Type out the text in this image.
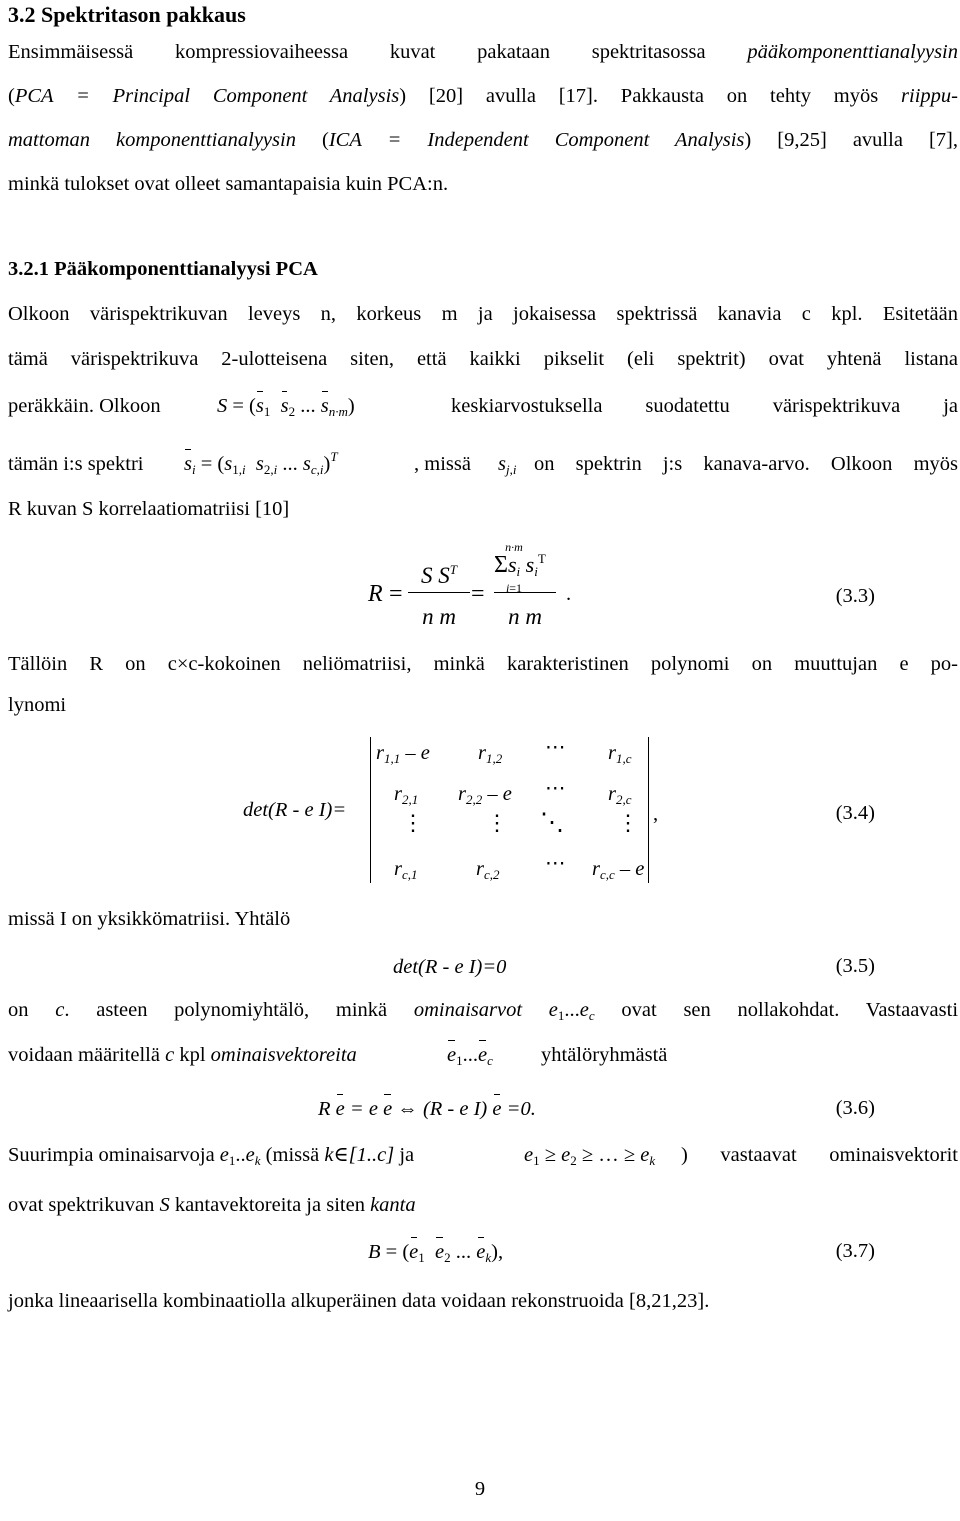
3.2 Spektritason pakkaus
Ensimmäisessä kompressiovaiheessa kuvat pakataan spektritasossa pääkomponenttianalyysin
(PCA = Principal Component Analysis) [20] avulla [17]. Pakkausta on tehty myös riippu-
mattoman komponenttianalyysin (ICA = Independent Component Analysis) [9,25] avulla [7],
minkä tulokset ovat olleet samantapaisia kuin PCA:n.
3.2.1 Pääkomponenttianalyysi PCA
Olkoon värispektrikuvan leveys n, korkeus m ja jokaisessa spektrissä kanavia c kpl. Esitetään
tämä värispektrikuva 2-ulotteisena siten, että kaikki pikselit (eli spektrit) ovat yhtenä listana
peräkkäin. Olkoon	$S = (s_1$ $s_2$ ... $s_{n\cdot m}$)	keskiarvostuksella suodatettu värispektrikuva ja
tämän i:s spektri $s_i = (s_{1,i}$ $s_{2,i}$ ... $s_{c,i})^T$	, missä $s_{j,i}$ on spektrin j:s kanava-arvo. Olkoon myös
R kuvan S korrelaatiomatriisi [10]
R =
S $S^T$
n m
=
n·m
$\Sigma s_i$ $s_i^T$
i=1
n m
.	(3.3)
Tällöin R on c×c-kokoinen neliömatriisi, minkä karakteristinen polynomi on muuttujan e po-
lynomi
det(R - e I)=
$r_{1,1}$ – e $r_{1,2}$ ⋯ $r_{1,c}$
$r_{2,1}$ $r_{2,2}$ – e ⋯ $r_{2,c}$
⋮	⋮ ⋱ ⋮
$r_{c,1}$	$r_{c,2}$ ⋯ $r_{c,c}$ – e
,	(3.4)
missä I on yksikkömatriisi. Yhtälö
det(R - e I)=0	(3.5)
on c. asteen polynomiyhtälö, minkä ominaisarvot $e_1...e_c$ ovat sen nollakohdat. Vastaavasti
voidaan määritellä c kpl ominaisvektoreita	$e_1...e_c$ yhtälöryhmästä
R e = e e ⇔ (R - e I) e =0.	(3.6)
Suurimpia ominaisarvoja $e_1..e_k$ (missä k∈[1..c] ja	$e_1 \ge e_2$ ≥ … ≥ $e_k$ ) vastaavat ominaisvektorit
ovat spektrikuvan S kantavektoreita ja siten kanta
$B = (e_1$ $e_2$ ... $e_k$),	(3.7)
jonka lineaarisella kombinaatiolla alkuperäinen data voidaan rekonstruoida [8,21,23].
9
